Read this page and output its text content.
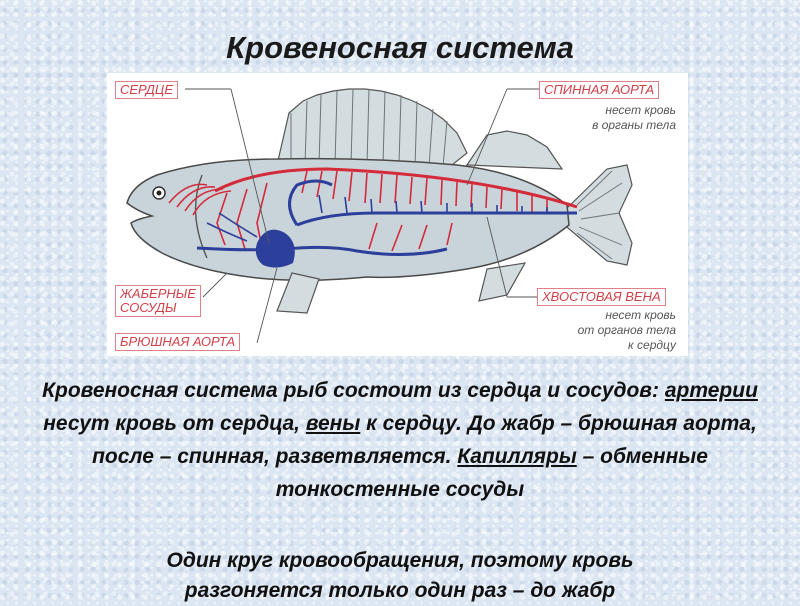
Кровеносная система
СЕРДЦЕ	СПИННАЯ АОРТА
несет кровь
в органы тела
ЖАБЕРНЫЕ
СОСУДЫ
БРЮШНАЯ АОРТА
ХВОСТОВАЯ ВЕНА
несет кровь
от органов тела
к сердцу
Кровеносная система рыб состоит из сердца и сосудов: артерии несут кровь от сердца, вены к сердцу. До жабр – брюшная аорта, после – спинная, разветвляется. Капилляры – обменные тонкостенные сосуды
Один круг кровообращения, поэтому кровь
разгоняется только один раз – до жабр
